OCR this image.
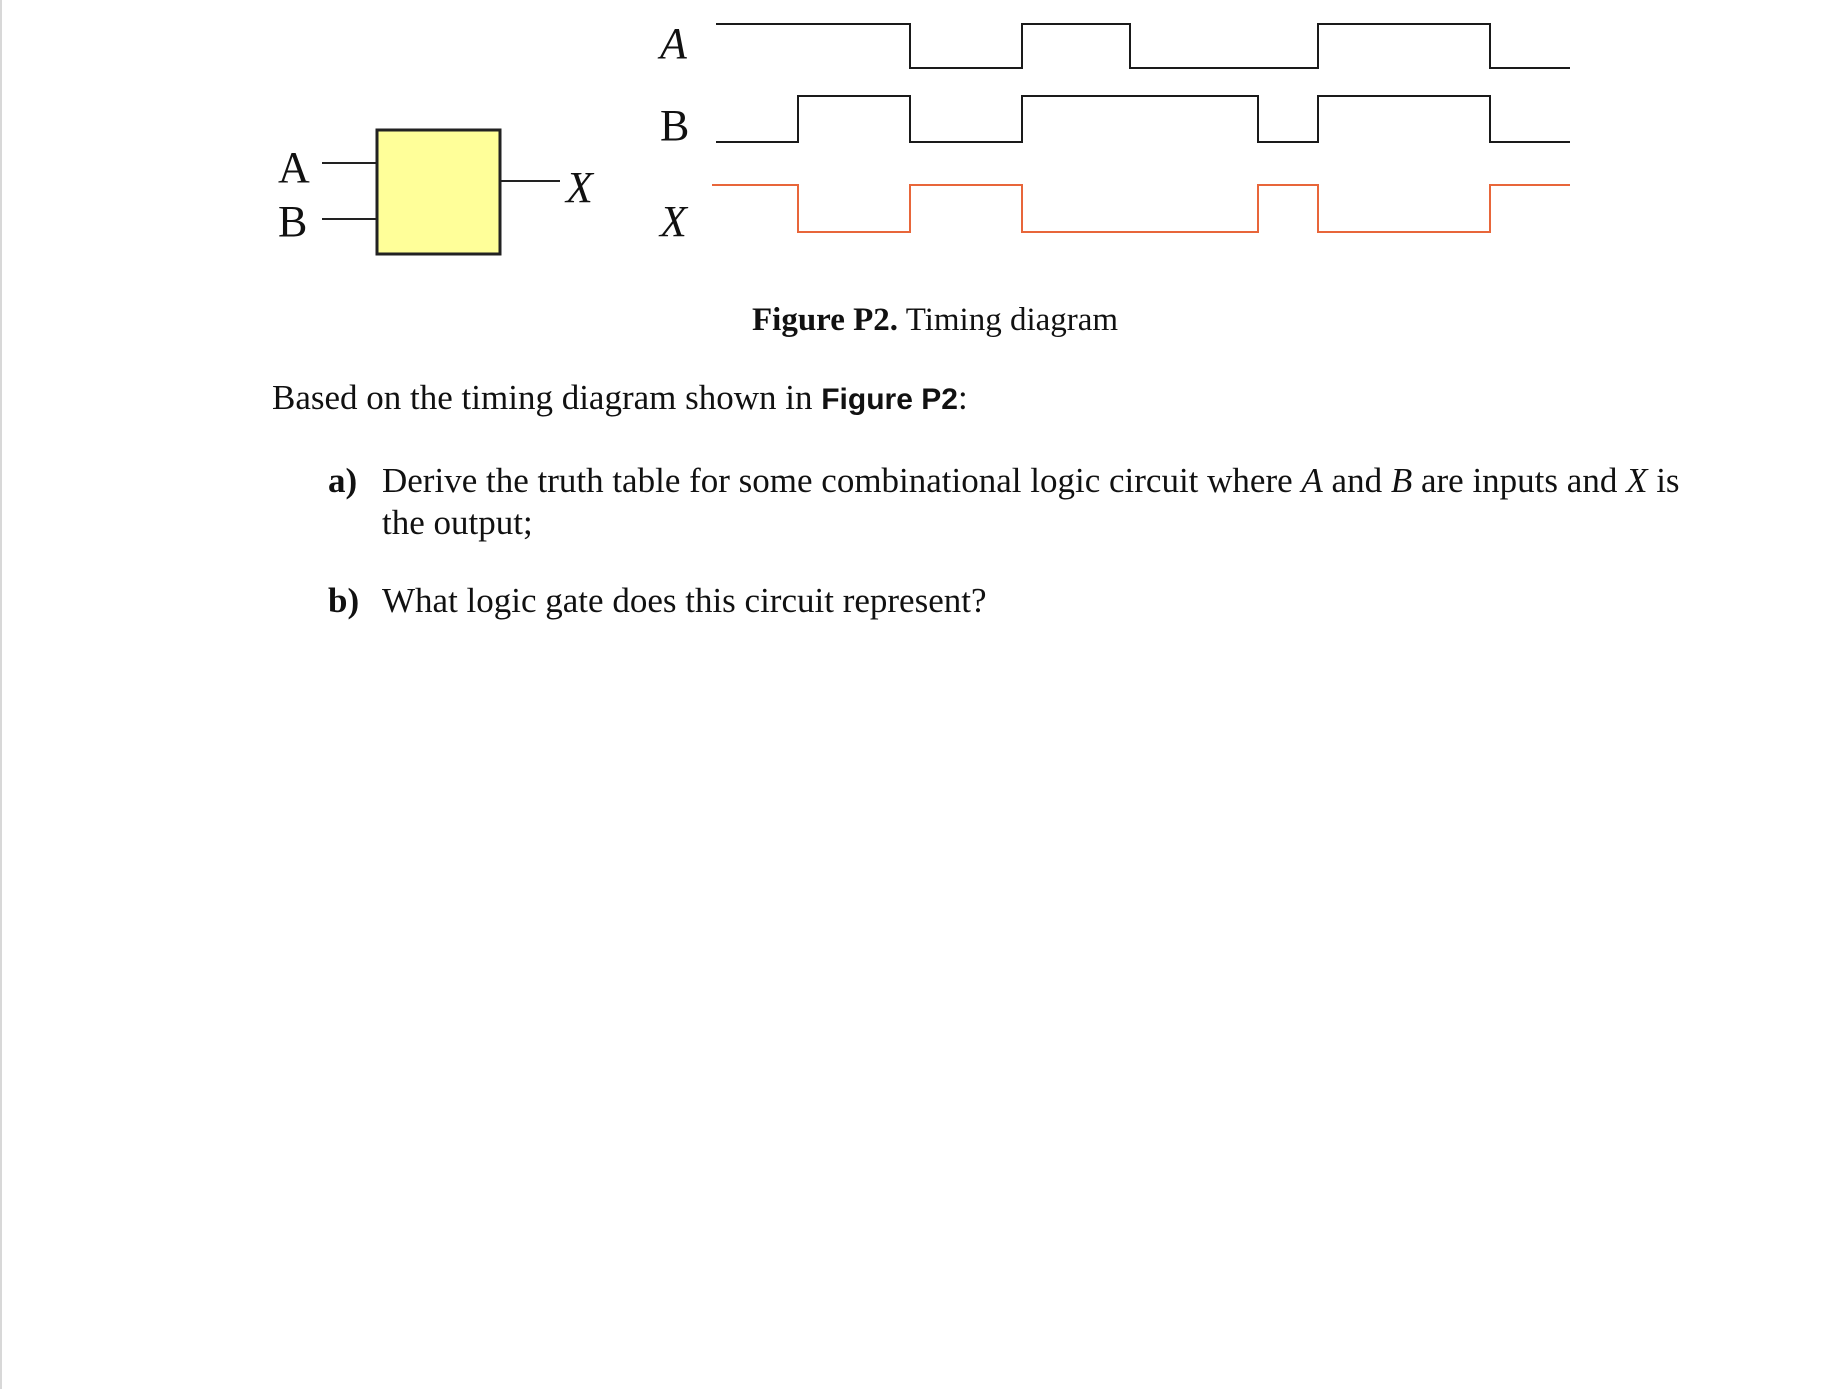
A
B
X
A
B
X
Figure P2. Timing diagram
Based on the timing diagram shown in Figure P2:
a) Derive the truth table for some combinational logic circuit where A and B are inputs and X is the output;
b) What logic gate does this circuit represent?
